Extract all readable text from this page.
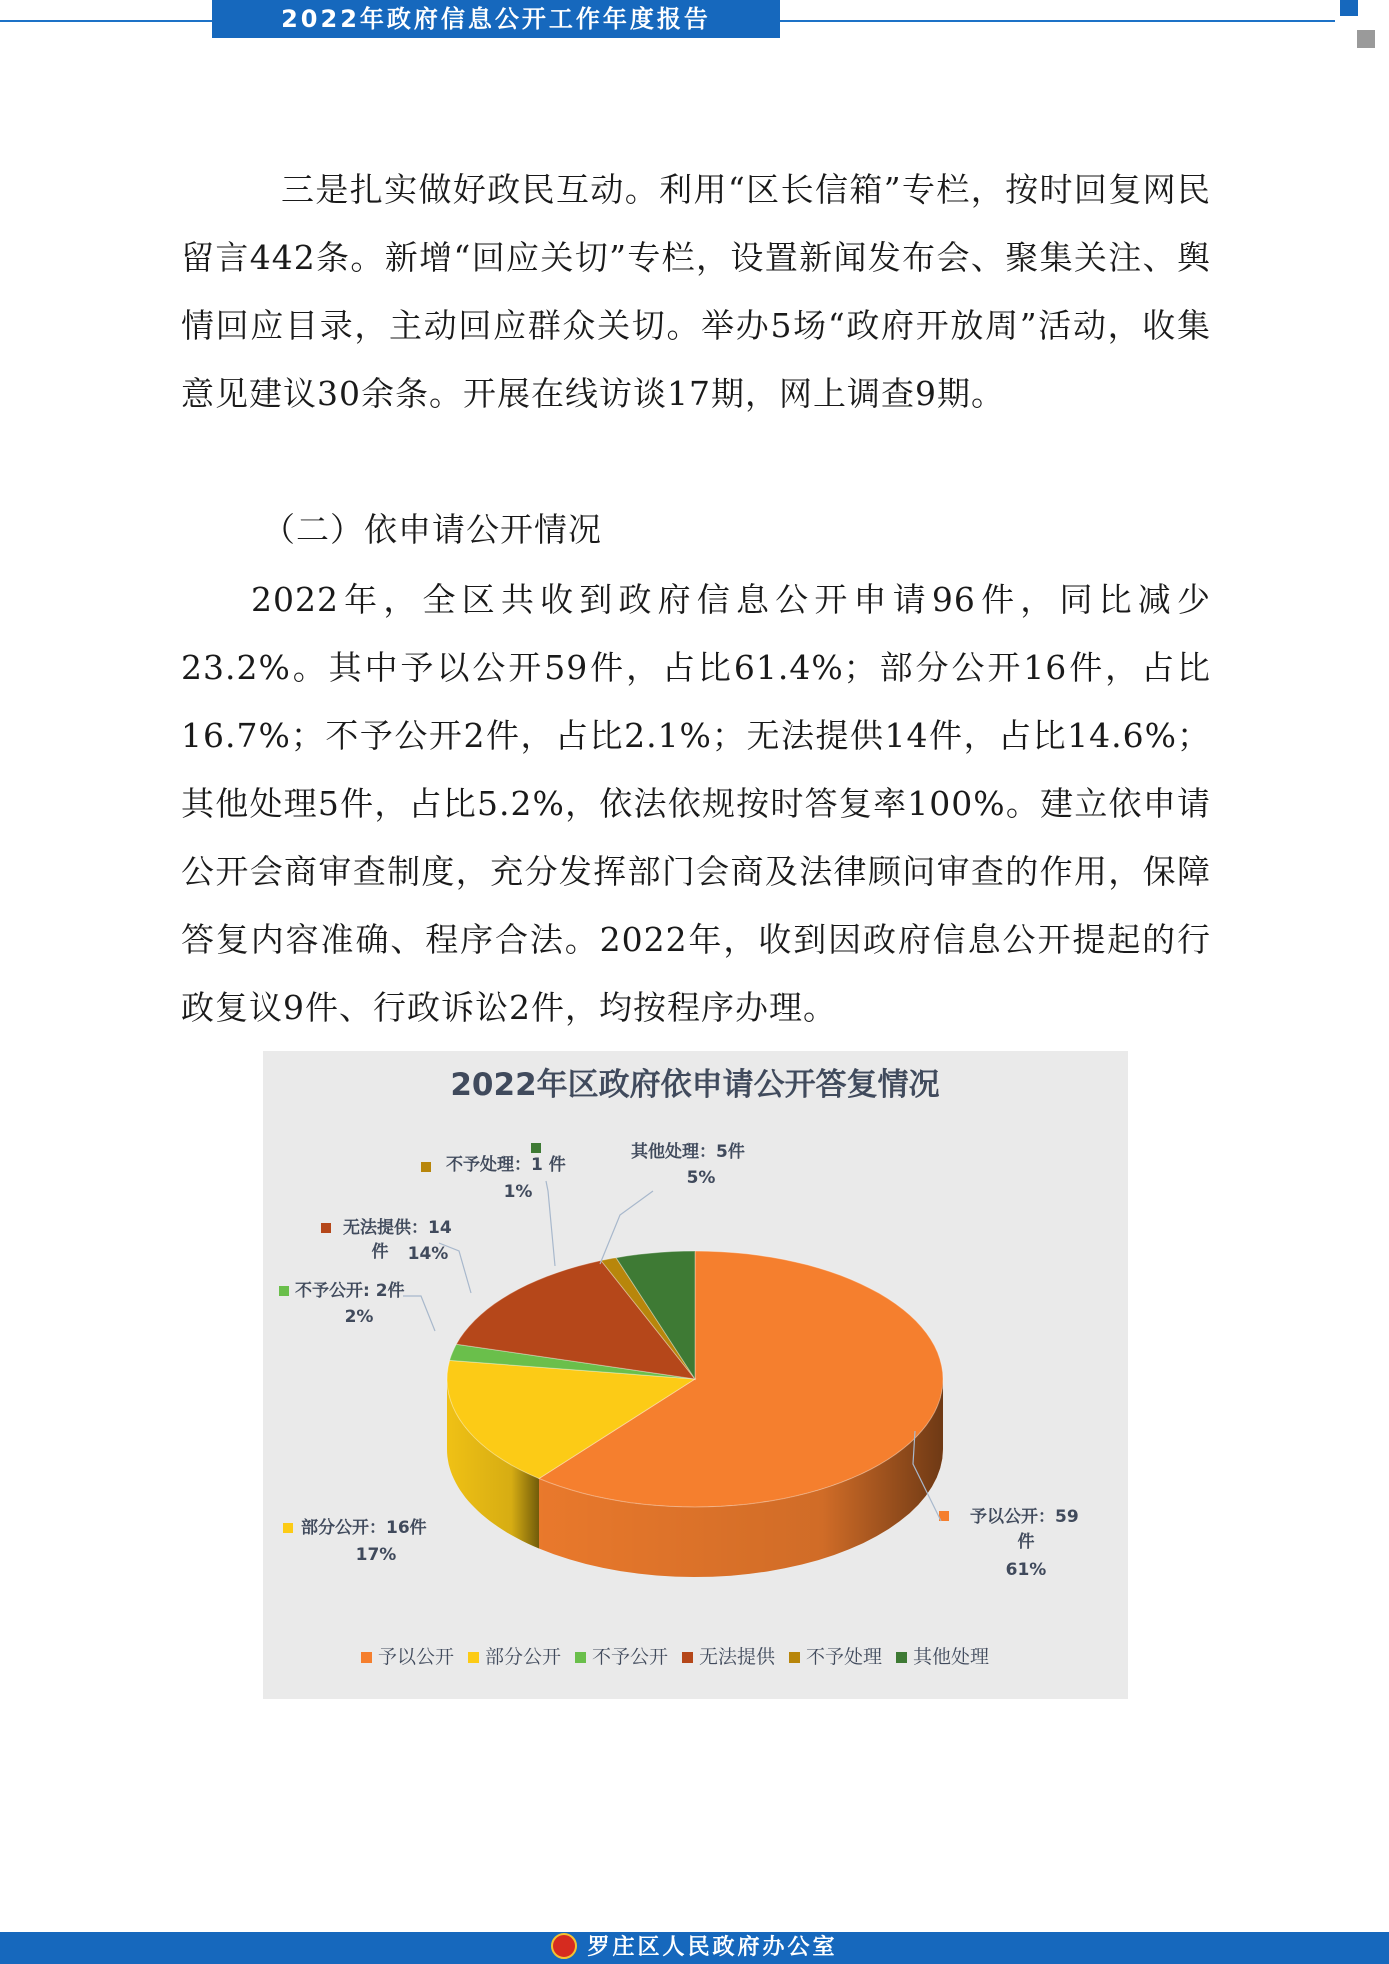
2022年政府信息公开工作年度报告
三是扎实做好政民互动。利用“区长信箱”专栏，按时回复网民留言442条。新增“回应关切”专栏，设置新闻发布会、聚集关注、舆情回应目录，主动回应群众关切。举办5场“政府开放周”活动，收集意见建议30余条。开展在线访谈17期，网上调查9期。
（二）依申请公开情况
2022年，全区共收到政府信息公开申请96件，同比减少23.2%。其中予以公开59件，占比61.4%；部分公开16件，占比16.7%；不予公开2件，占比2.1%；无法提供14件，占比14.6%；其他处理5件，占比5.2%，依法依规按时答复率100%。建立依申请公开会商审查制度，充分发挥部门会商及法律顾问审查的作用，保障答复内容准确、程序合法。2022年，收到因政府信息公开提起的行政复议9件、行政诉讼2件，均按程序办理。
2022年区政府依申请公开答复情况
予以公开：59
件
61%
部分公开：16件
17%
不予公开: 2件
2%
无法提供：14
件 14%
不予处理：1 件
1%
其他处理：5件
5%
予以公开 部分公开 不予公开 无法提供 不予处理 其他处理
罗庄区人民政府办公室
